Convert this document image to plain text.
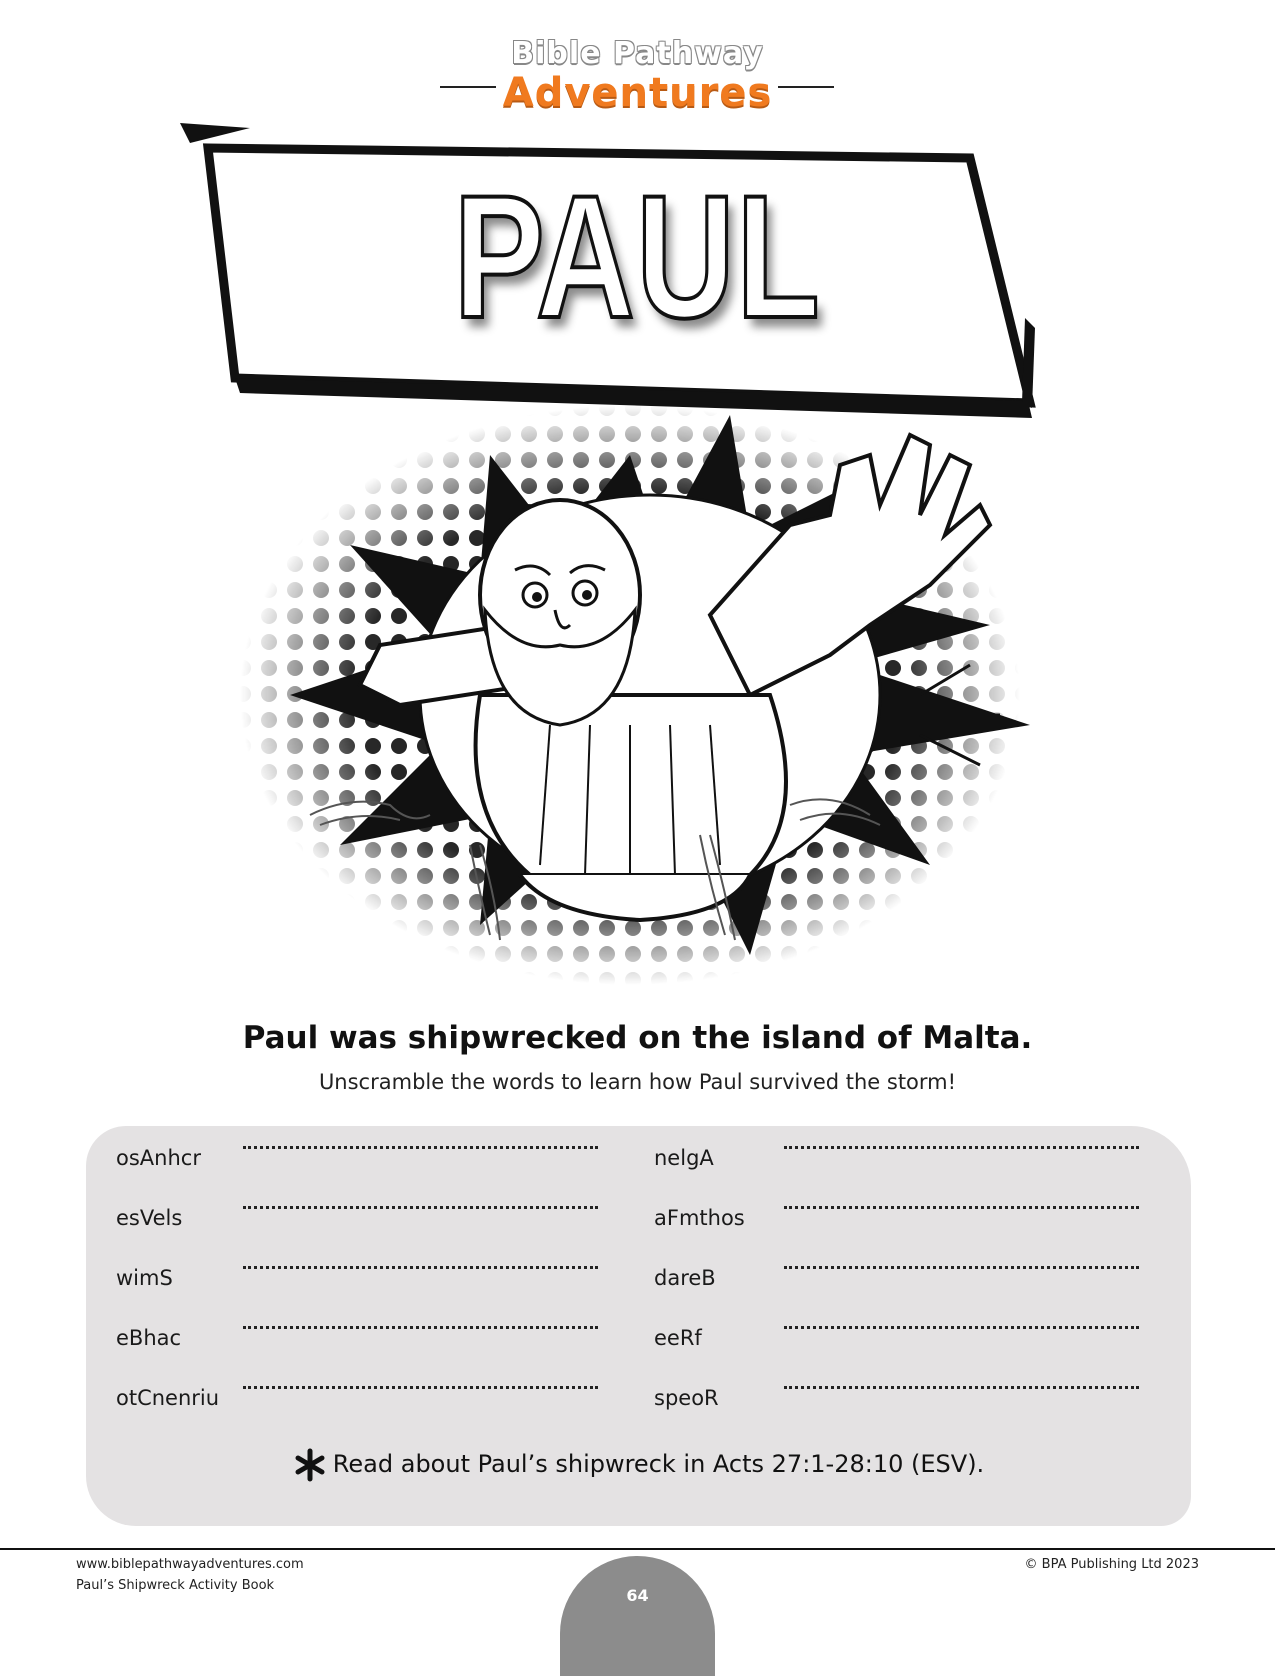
Bible Pathway
Adventures
PAUL
Paul was shipwrecked on the island of Malta.
Unscramble the words to learn how Paul survived the storm!
osAnhcr
esVels
wimS
eBhac
otCnenriu
nelgA
aFmthos
dareB
eeRf
speoR
Read about Paul’s shipwreck in Acts 27:1-28:10 (ESV).
www.biblepathwayadventures.com
Paul’s Shipwreck Activity Book
© BPA Publishing Ltd 2023
64
